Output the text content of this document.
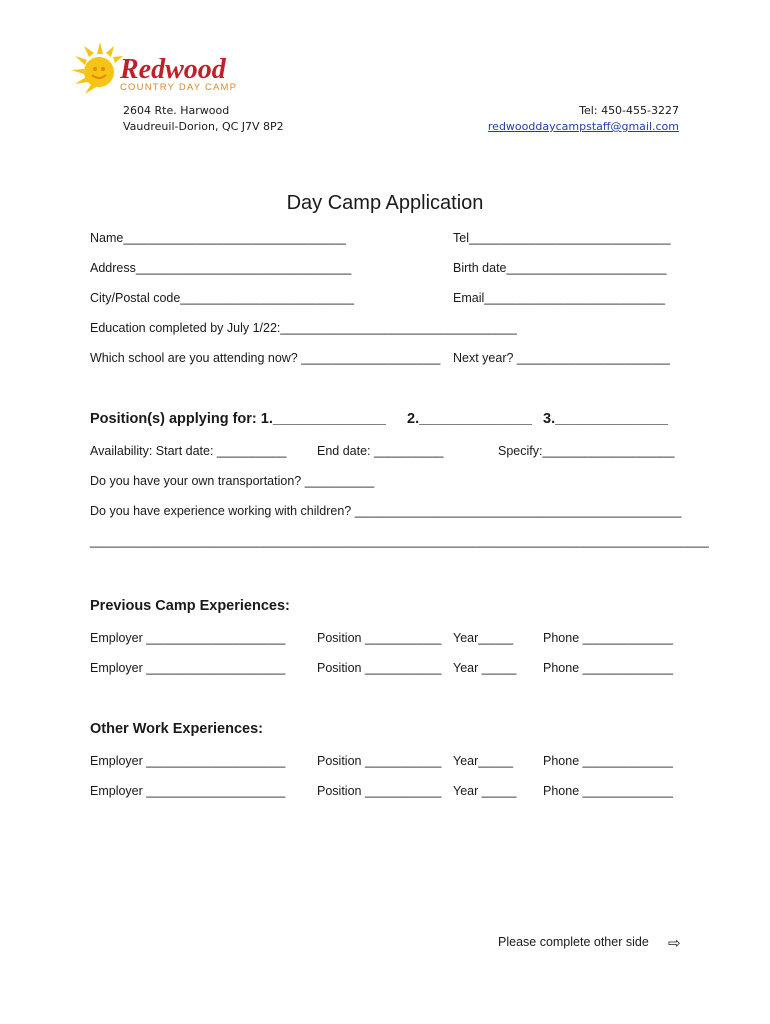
Redwood
COUNTRY DAY CAMP
2604 Rte. Harwood
Vaudreuil-Dorion, QC J7V 8P2
Tel: 450-455-3227
redwooddaycampstaff@gmail.com
Day Camp Application
Name________________________________	Tel_____________________________
Address_______________________________	Birth date_______________________
City/Postal code_________________________	Email__________________________
Education completed by July 1/22:__________________________________
Which school are you attending now? ____________________ Next year? ______________________
Position(s) applying for: 1.______________ 2.______________ 3.______________
Availability: Start date: __________ End date: __________	Specify:___________________
Do you have your own transportation? __________
Do you have experience working with children? _______________________________________________
_________________________________________________________________________________________
Previous Camp Experiences:
Employer ____________________	Position ___________ Year_____ Phone _____________
Employer ____________________	Position ___________ Year _____ Phone _____________
Other Work Experiences:
Employer ____________________	Position ___________ Year_____ Phone _____________
Employer ____________________	Position ___________ Year _____ Phone _____________
Please complete other side ⇨
